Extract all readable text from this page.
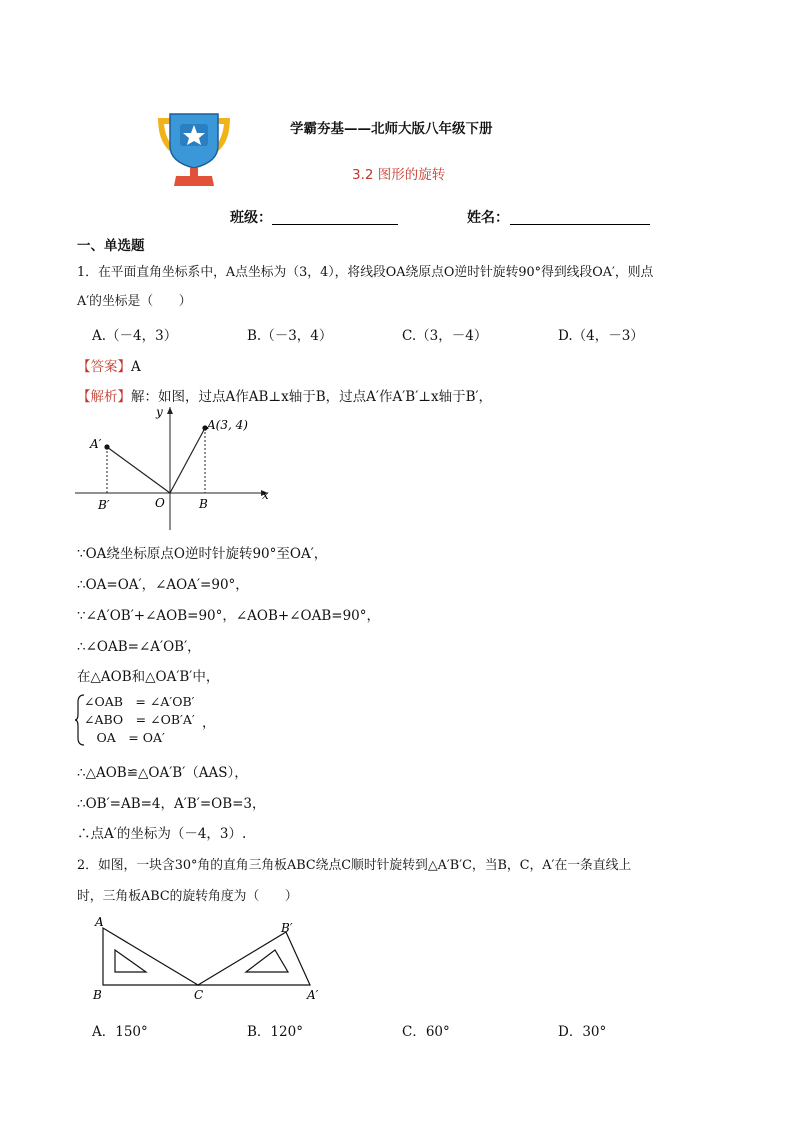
学霸夯基——北师大版八年级下册
3.2 图形的旋转
班级：	姓名：
一、单选题
1．在平面直角坐标系中，A点坐标为（3，4），将线段OA绕原点O逆时针旋转90°得到线段OA′，则点
A′的坐标是（　　）
A.（－4，3）	B.（－3，4）	C.（3，－4）	D.（4，－3）
【答案】A
【解析】解：如图，过点A作AB⊥x轴于B，过点A′作A′B′⊥x轴于B′，
y
x
A(3, 4)
A′
B′	O	B
∵OA绕坐标原点O逆时针旋转90°至OA′，
∴OA=OA′，∠AOA′=90°，
∵∠A′OB′+∠AOB=90°，∠AOB+∠OAB=90°，
∴∠OAB=∠A′OB′，
在△AOB和△OA′B′中，
∠OAB　= ∠A′OB′
∠ABO　= ∠OB′A′
　OA　= OA′
，
∴△AOB≌△OA′B′（AAS），
∴OB′=AB=4，A′B′=OB=3，
∴点A′的坐标为（－4，3）.
2．如图，一块含30°角的直角三角板ABC绕点C顺时针旋转到△A′B′C，当B，C，A′在一条直线上
时，三角板ABC的旋转角度为（　　）
A
B	C
B′
A′
A．150°	B．120°	C．60°	D．30°
